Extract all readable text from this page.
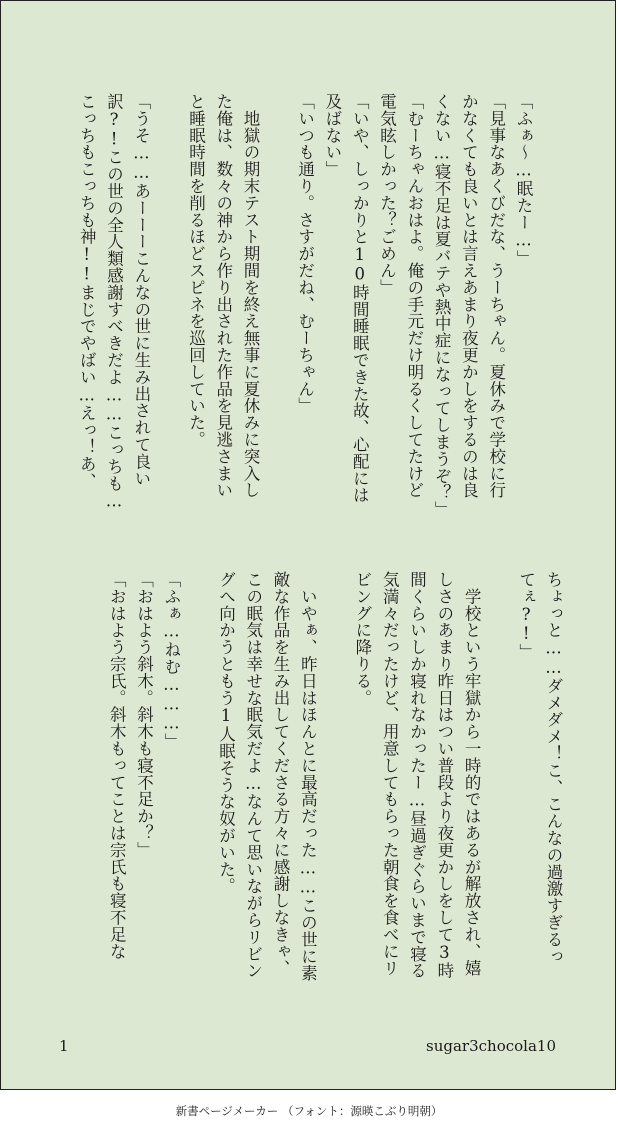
「ふぁ〜…眠たー…」
「見事なあくびだな、うーちゃん。夏休みで学校に行
かなくても良いとは言えあまり夜更かしをするのは良
くない…寝不足は夏バテや熱中症になってしまうぞ？」
「むーちゃんおはよ。俺の手元だけ明るくしてたけど
電気眩しかった？ごめん」
「いや、しっかりと10時間睡眠できた故、心配には
及ばない」
「いつも通り。さすがだね、むーちゃん」

　地獄の期末テスト期間を終え無事に夏休みに突入し
た俺は、数々の神から作り出された作品を見逃さまい
と睡眠時間を削るほどスピネを巡回していた。

「うそ……あーーーこんなの世に生み出されて良い
訳?!この世の全人類感謝すべきだよ……こっちも…
こっちもこっちも神!!まじでやばい…えっ！あ、
ちょっと……ダメダメ！こ、こんなの過激すぎるっ
てぇ?!」

　学校という牢獄から一時的ではあるが解放され、嬉
しさのあまり昨日はつい普段より夜更かしをして3時
間くらいしか寝れなかったー…昼過ぎぐらいまで寝る
気満々だったけど、用意してもらった朝食を食べにリ
ビングに降りる。

　いやぁ、昨日はほんとに最高だった……この世に素
敵な作品を生み出してくださる方々に感謝しなきゃ、
この眠気は幸せな眠気だよ…なんて思いながらリビン
グへ向かうともう1人眠そうな奴がいた。

「ふぁ…ねむ………」
「おはよう斜木。斜木も寝不足か？」
「おはよう宗氏。斜木もってことは宗氏も寝不足な
1	sugar3chocola10
新書ページメーカー （フォント：源暎こぶり明朝）
